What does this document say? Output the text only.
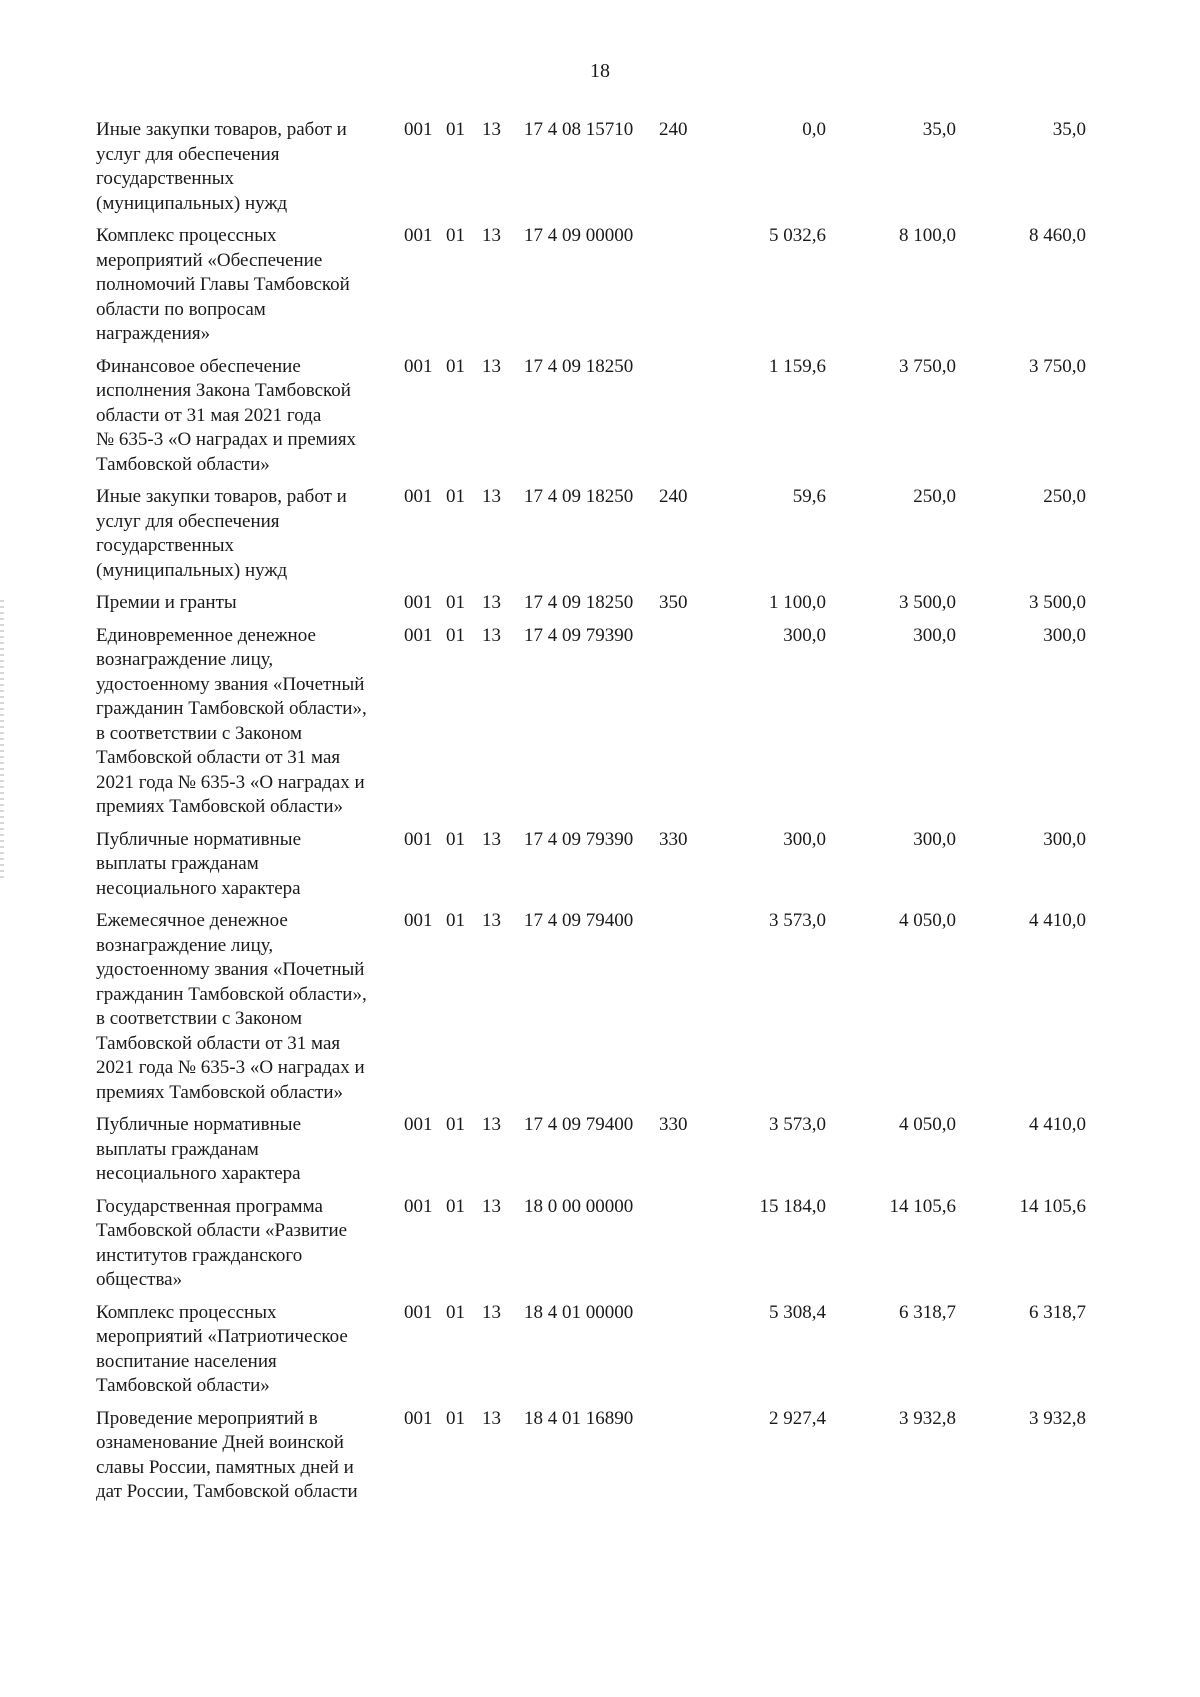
18
Иные закупки товаров, работ и
услуг для обеспечения
государственных
(муниципальных) нужд
001 01 13 17 4 08 15710 240	0,0	35,0	35,0
Комплекс процессных
мероприятий «Обеспечение
полномочий Главы Тамбовской
области по вопросам
награждения»
001 01 13 17 4 09 00000	5 032,6	8 100,0	8 460,0
Финансовое обеспечение
исполнения Закона Тамбовской
области от 31 мая 2021 года
№ 635-3 «О наградах и премиях
Тамбовской области»
001 01 13 17 4 09 18250	1 159,6	3 750,0	3 750,0
Иные закупки товаров, работ и
услуг для обеспечения
государственных
(муниципальных) нужд
001 01 13 17 4 09 18250 240	59,6	250,0	250,0
Премии и гранты	001 01 13 17 4 09 18250 350	1 100,0	3 500,0	3 500,0
Единовременное денежное
вознаграждение лицу,
удостоенному звания «Почетный
гражданин Тамбовской области»,
в соответствии с Законом
Тамбовской области от 31 мая
2021 года № 635-3 «О наградах и
премиях Тамбовской области»
001 01 13 17 4 09 79390	300,0	300,0	300,0
Публичные нормативные
выплаты гражданам
несоциального характера
001 01 13 17 4 09 79390 330	300,0	300,0	300,0
Ежемесячное денежное
вознаграждение лицу,
удостоенному звания «Почетный
гражданин Тамбовской области»,
в соответствии с Законом
Тамбовской области от 31 мая
2021 года № 635-3 «О наградах и
премиях Тамбовской области»
001 01 13 17 4 09 79400	3 573,0	4 050,0	4 410,0
Публичные нормативные
выплаты гражданам
несоциального характера
001 01 13 17 4 09 79400 330	3 573,0	4 050,0	4 410,0
Государственная программа
Тамбовской области «Развитие
институтов гражданского
общества»
001 01 13 18 0 00 00000	15 184,0	14 105,6	14 105,6
Комплекс процессных
мероприятий «Патриотическое
воспитание населения
Тамбовской области»
001 01 13 18 4 01 00000	5 308,4	6 318,7	6 318,7
Проведение мероприятий в
ознаменование Дней воинской
славы России, памятных дней и
дат России, Тамбовской области
001 01 13 18 4 01 16890	2 927,4	3 932,8	3 932,8
